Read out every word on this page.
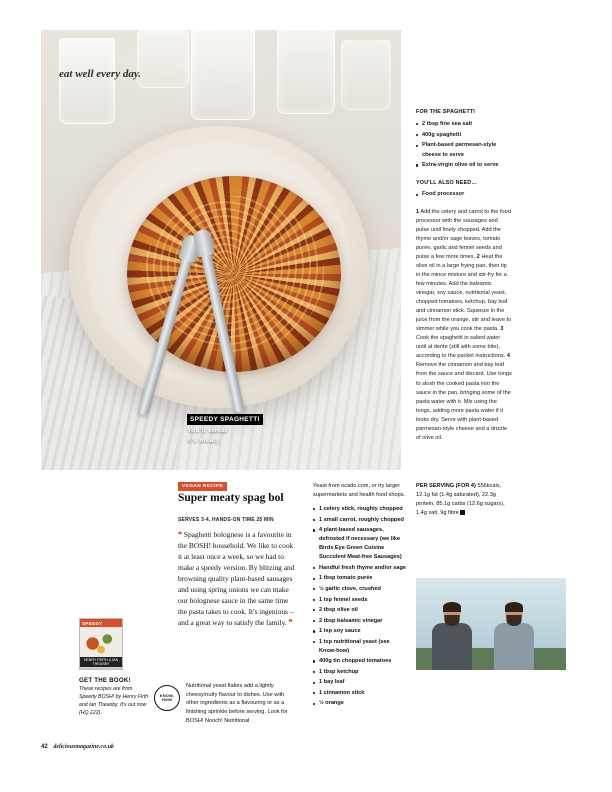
eat well every day.
SPEEDY SPAGHETTI
You'll swear
it's meaty
FOR THE SPAGHETTI
2 tbsp fine sea salt
400g spaghetti
Plant-based parmesan-style cheese to serve
Extra-virgin olive oil to serve
YOU'LL ALSO NEED…
Food processor
1 Add the celery and carrot to the food processor with the sausages and pulse until finely chopped. Add the thyme and/or sage leaves, tomato purée, garlic and fennel seeds and pulse a few more times. 2 Heat the olive oil in a large frying pan, then tip in the mince mixture and stir-fry for a few minutes. Add the balsamic vinegar, soy sauce, nutritional yeast, chopped tomatoes, ketchup, bay leaf and cinnamon stick. Squeeze in the juice from the orange, stir and leave to simmer while you cook the pasta. 3 Cook the spaghetti in salted water until al dente (still with some bite), according to the packet instructions. 4 Remove the cinnamon and bay leaf from the sauce and discard. Use tongs to slosh the cooked pasta into the sauce in the pan, bringing some of the pasta water with it. Mix using the tongs, adding more pasta water if it looks dry. Serve with plant-based parmesan-style cheese and a drizzle of olive oil.
VEGAN RECIPE
Super meaty spag bol
SERVES 3-4. HANDS-ON TIME 25 MIN
❝ Spaghetti bolognese is a favourite in the BOSH! household. We like to cook it at least once a week, so we had to make a speedy version. By blitzing and browning quality plant-based sausages and using spring onions we can make our bolognese sauce in the same time the pasta takes to cook. It's ingenious – and a great way to satisfy the family. ❞
SPEEDY
HENRY FIRTH & IAN THEASBY
GET THE BOOK!
These recipes are from Speedy BOSH! by Henry Firth and Ian Theasby. It's out now (HQ £22).
KNOW-HOW
Nutritional yeast flakes add a lightly cheesy/nutty flavour to dishes. Use with other ingredients as a flavouring or as a finishing sprinkle before serving. Look for BOSH! Nooch! Nutritional

Yeast from ocado.com, or try larger supermarkets and health food shops.

1 celery stick, roughly chopped
1 small carrot, roughly chopped
4 plant-based sausages, defrosted if necessary (we like Birds Eye Green Cuisine Succulent Meat-free Sausages)
Handful fresh thyme and/or sage
1 tbsp tomato purée
½ garlic clove, crushed
1 tsp fennel seeds
2 tbsp olive oil
2 tbsp balsamic vinegar
1 tsp soy sauce
1 tsp nutritional yeast (see Know-how)
400g tin chopped tomatoes
1 tbsp ketchup
1 bay leaf
1 cinnamon stick
½ orange

PER SERVING (FOR 4) 556kcals, 12.1g fat (1.4g saturated), 22.3g protein, 85.1g carbs (12.6g sugars), 1.4g salt, 9g fibre

42 deliciousmagazine.co.uk
